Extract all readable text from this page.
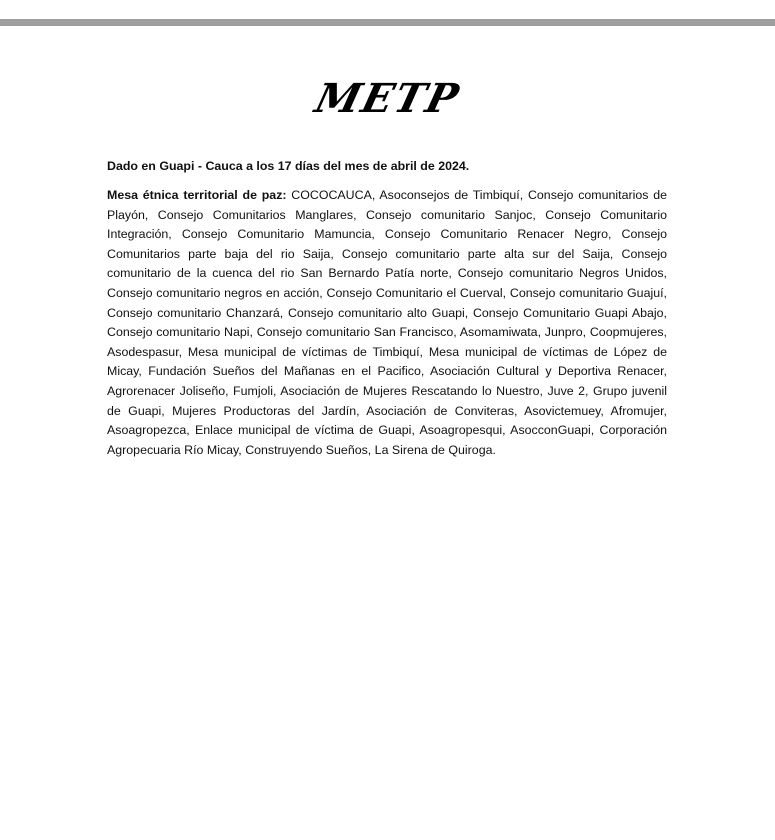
METP
Dado en Guapi - Cauca a los 17 días del mes de abril de 2024.
Mesa étnica territorial de paz: COCOCAUCA, Asoconsejos de Timbiquí, Consejo comunitarios de Playón, Consejo Comunitarios Manglares, Consejo comunitario Sanjoc, Consejo Comunitario Integración, Consejo Comunitario Mamuncia, Consejo Comunitario Renacer Negro, Consejo Comunitarios parte baja del rio Saija, Consejo comunitario parte alta sur del Saija, Consejo comunitario de la cuenca del rio San Bernardo Patía norte, Consejo comunitario Negros Unidos, Consejo comunitario negros en acción, Consejo Comunitario el Cuerval, Consejo comunitario Guajuí, Consejo comunitario Chanzará, Consejo comunitario alto Guapi, Consejo Comunitario Guapi Abajo, Consejo comunitario Napi, Consejo comunitario San Francisco, Asomamiwata, Junpro, Coopmujeres, Asodespasur, Mesa municipal de víctimas de Timbiquí, Mesa municipal de víctimas de López de Micay, Fundación Sueños del Mañanas en el Pacifico, Asociación Cultural y Deportiva Renacer, Agrorenacer Joliseño, Fumjoli, Asociación de Mujeres Rescatando lo Nuestro, Juve 2, Grupo juvenil de Guapi, Mujeres Productoras del Jardín, Asociación de Conviteras, Asovictemuey, Afromujer, Asoagropezca, Enlace municipal de víctima de Guapi, Asoagropesqui, AsocconGuapi, Corporación Agropecuaria Río Micay, Construyendo Sueños, La Sirena de Quiroga.
